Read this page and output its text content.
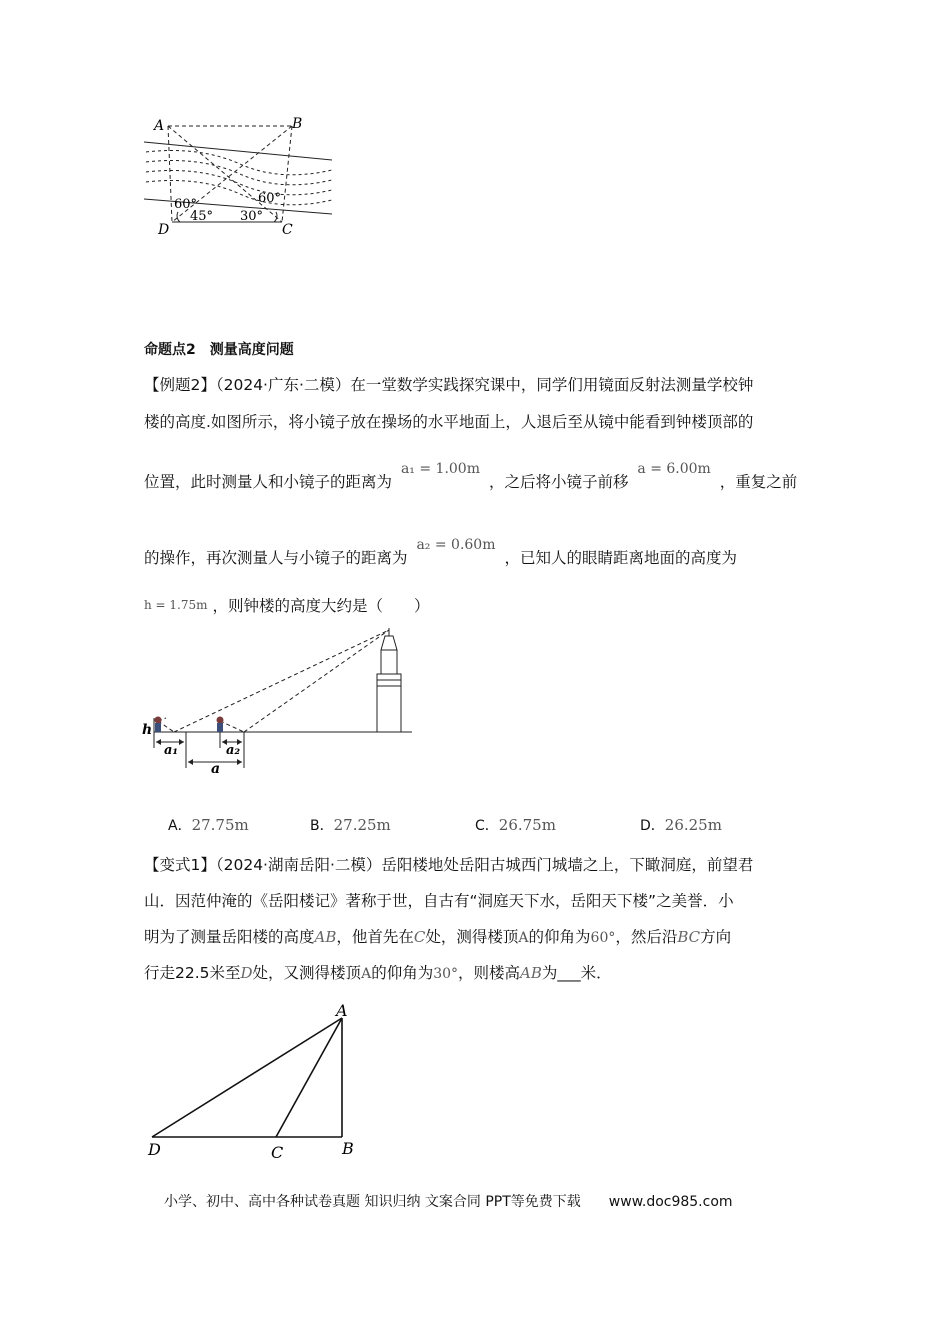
A	B
C
D
60°
45° 30°
60°
命题点2　测量高度问题
【例题2】（2024·广东·二模）在一堂数学实践探究课中，同学们用镜面反射法测量学校钟
楼的高度.如图所示，将小镜子放在操场的水平地面上，人退后至从镜中能看到钟楼顶部的
位置，此时测量人和小镜子的距离为 a₁ = 1.00m ，之后将小镜子前移 a = 6.00m ，重复之前
的操作，再次测量人与小镜子的距离为 a₂ = 0.60m ，已知人的眼睛距离地面的高度为
h = 1.75m ，则钟楼的高度大约是（　　）
h
a₁	a₂
a
A．27.75m	B．27.25m	C．26.75m	D．26.25m
【变式1】（2024·湖南岳阳·二模）岳阳楼地处岳阳古城西门城墙之上，下瞰洞庭，前望君
山．因范仲淹的《岳阳楼记》著称于世，自古有“洞庭天下水，岳阳天下楼”之美誉．小
明为了测量岳阳楼的高度AB，他首先在C处，测得楼顶A的仰角为60°，然后沿BC方向
行走22.5米至D处，又测得楼顶A的仰角为30°，则楼高AB为___米．
A
B
C
D
小学、初中、高中各种试卷真题 知识归纳 文案合同 PPT等免费下载 www.doc985.com
